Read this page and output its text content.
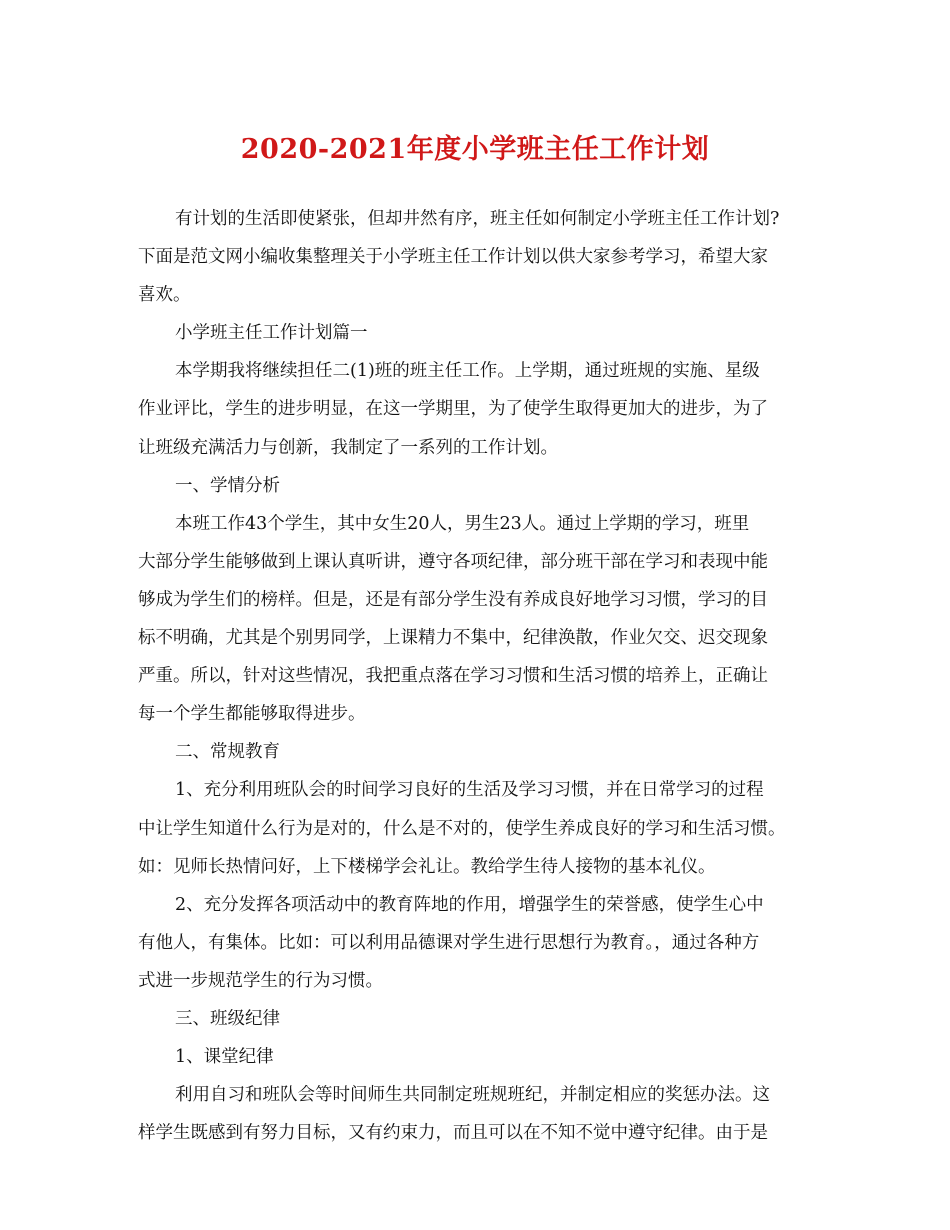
2020-2021年度小学班主任工作计划
有计划的生活即使紧张，但却井然有序，班主任如何制定小学班主任工作计划?
下面是范文网小编收集整理关于小学班主任工作计划以供大家参考学习，希望大家
喜欢。
小学班主任工作计划篇一
本学期我将继续担任二(1)班的班主任工作。上学期，通过班规的实施、星级
作业评比，学生的进步明显，在这一学期里，为了使学生取得更加大的进步，为了
让班级充满活力与创新，我制定了一系列的工作计划。
一、学情分析
本班工作43个学生，其中女生20人，男生23人。通过上学期的学习，班里
大部分学生能够做到上课认真听讲，遵守各项纪律，部分班干部在学习和表现中能
够成为学生们的榜样。但是，还是有部分学生没有养成良好地学习习惯，学习的目
标不明确，尤其是个别男同学，上课精力不集中，纪律涣散，作业欠交、迟交现象
严重。所以，针对这些情况，我把重点落在学习习惯和生活习惯的培养上，正确让
每一个学生都能够取得进步。
二、常规教育
1、充分利用班队会的时间学习良好的生活及学习习惯，并在日常学习的过程
中让学生知道什么行为是对的，什么是不对的，使学生养成良好的学习和生活习惯。
如：见师长热情问好，上下楼梯学会礼让。教给学生待人接物的基本礼仪。
2、充分发挥各项活动中的教育阵地的作用，增强学生的荣誉感，使学生心中
有他人，有集体。比如：可以利用品德课对学生进行思想行为教育。，通过各种方
式进一步规范学生的行为习惯。
三、班级纪律
1、课堂纪律
利用自习和班队会等时间师生共同制定班规班纪，并制定相应的奖惩办法。这
样学生既感到有努力目标，又有约束力，而且可以在不知不觉中遵守纪律。由于是
